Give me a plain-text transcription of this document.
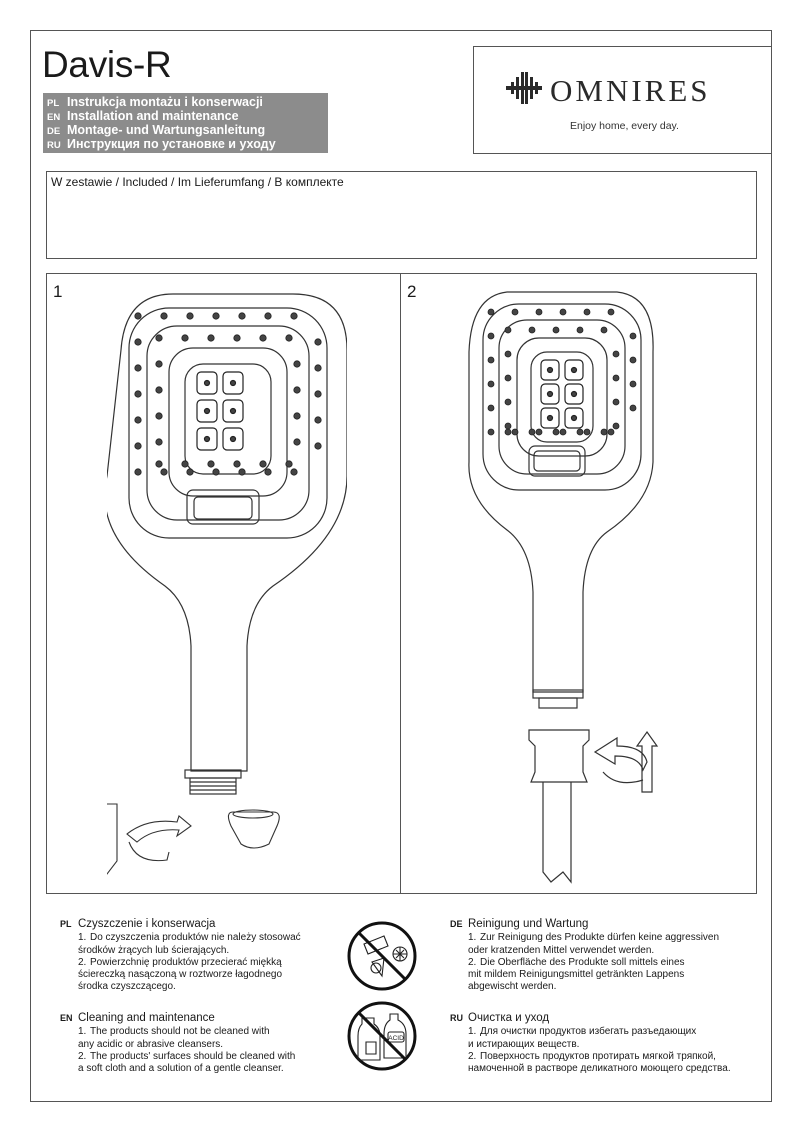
Davis-R
PL Instrukcja montażu i konserwacji
EN Installation and maintenance
DE Montage- und Wartungsanleitung
RU Инструкция по установке и уходу
OMNIRES
Enjoy home, every day.
W zestawie / Included / Im Lieferumfang / В комплекте
1	2
PL Czyszczenie i konserwacja
1. Do czyszczenia produktów nie należy stosować
środków żrących lub ścierających.
2. Powierzchnię produktów przecierać miękką
ściereczką nasączoną w roztworze łagodnego
środka czyszczącego.
EN Cleaning and maintenance
1. The products should not be cleaned with
any acidic or abrasive cleansers.
2. The products' surfaces should be cleaned with
a soft cloth and a solution of a gentle cleanser.
DE Reinigung und Wartung
1. Zur Reinigung des Produkte dürfen keine aggressiven
oder kratzenden Mittel verwendet werden.
2. Die Oberfläche des Produkte soll mittels eines
mit mildem Reinigungsmittel getränkten Lappens
abgewischt werden.
RU Очистка и уход
1. Для очистки продуктов избегать разъедающих
и истирающих веществ.
2. Поверхность продуктов протирать мягкой тряпкой,
намоченной в растворе деликатного моющего средства.
ACID
